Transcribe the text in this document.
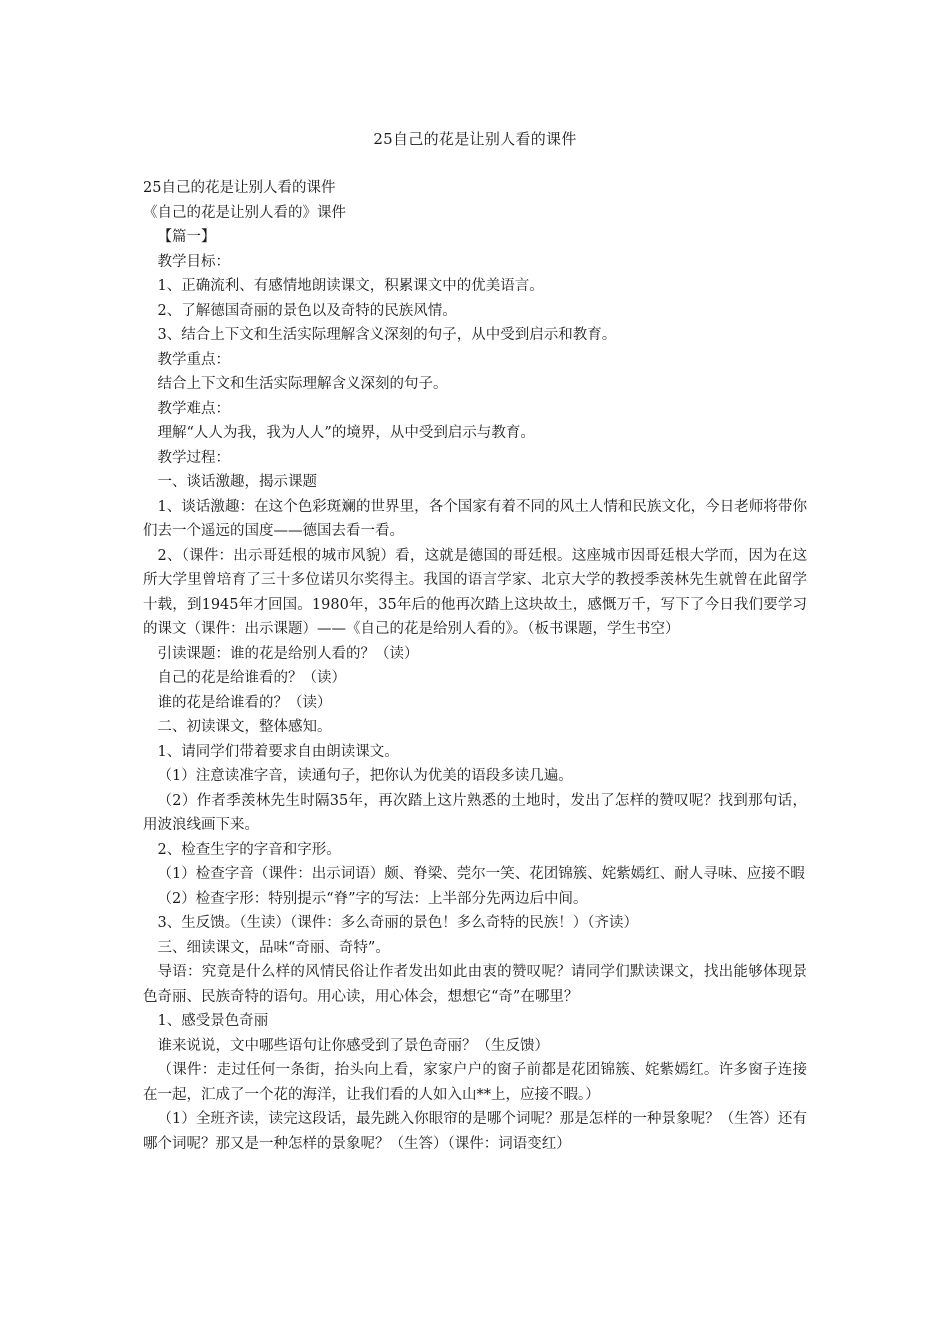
25自己的花是让别人看的课件

25自己的花是让别人看的课件

《自己的花是让别人看的》课件

【篇一】

教学目标：

1、正确流利、有感情地朗读课文，积累课文中的优美语言。

2、了解德国奇丽的景色以及奇特的民族风情。

3、结合上下文和生活实际理解含义深刻的句子，从中受到启示和教育。

教学重点：

结合上下文和生活实际理解含义深刻的句子。

教学难点：

理解“人人为我，我为人人”的境界，从中受到启示与教育。

教学过程：

一、谈话激趣，揭示课题

1、谈话激趣：在这个色彩斑斓的世界里，各个国家有着不同的风土人情和民族文化，今日老师将带你们去一个遥远的国度——德国去看一看。

2、（课件：出示哥廷根的城市风貌）看，这就是德国的哥廷根。这座城市因哥廷根大学而，因为在这所大学里曾培育了三十多位诺贝尔奖得主。我国的语言学家、北京大学的教授季羡林先生就曾在此留学十载，到1945年才回国。1980年，35年后的他再次踏上这块故土，感慨万千，写下了今日我们要学习的课文（课件：出示课题）——《自己的花是给别人看的》。（板书课题，学生书空）

引读课题：谁的花是给别人看的？（读）

自己的花是给谁看的？（读）

谁的花是给谁看的？（读）

二、初读课文，整体感知。

1、请同学们带着要求自由朗读课文。

（1）注意读准字音，读通句子，把你认为优美的语段多读几遍。

（2）作者季羡林先生时隔35年，再次踏上这片熟悉的土地时，发出了怎样的赞叹呢？找到那句话，用波浪线画下来。

2、检查生字的字音和字形。

（1）检查字音（课件：出示词语）颇、脊梁、莞尔一笑、花团锦簇、姹紫嫣红、耐人寻味、应接不暇

（2）检查字形：特别提示“脊”字的写法：上半部分先两边后中间。

3、生反馈。（生读）（课件：多么奇丽的景色！多么奇特的民族！）（齐读）

三、细读课文，品味“奇丽、奇特”。

导语：究竟是什么样的风情民俗让作者发出如此由衷的赞叹呢？请同学们默读课文，找出能够体现景色奇丽、民族奇特的语句。用心读，用心体会，想想它“奇”在哪里？

1、感受景色奇丽

谁来说说，文中哪些语句让你感受到了景色奇丽？（生反馈）

（课件：走过任何一条街，抬头向上看，家家户户的窗子前都是花团锦簇、姹紫嫣红。许多窗子连接在一起，汇成了一个花的海洋，让我们看的人如入山**上，应接不暇。）

（1）全班齐读，读完这段话，最先跳入你眼帘的是哪个词呢？那是怎样的一种景象呢？（生答）还有哪个词呢？那又是一种怎样的景象呢？（生答）（课件：词语变红）
